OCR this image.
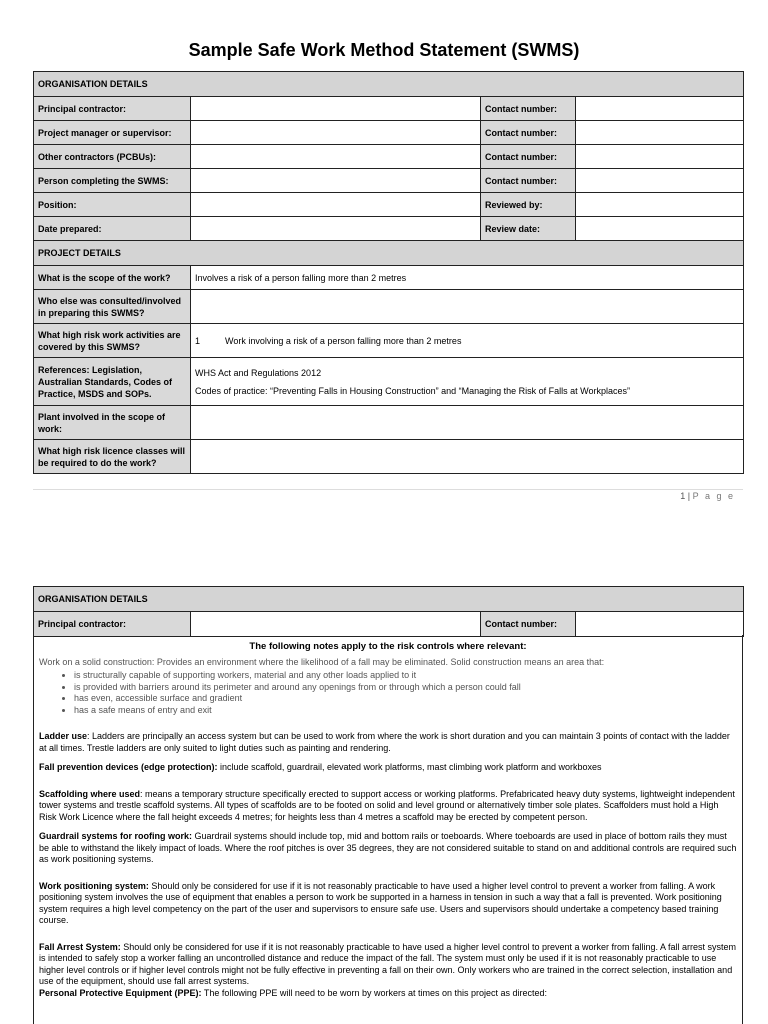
Sample Safe Work Method Statement (SWMS)
ORGANISATION DETAILS			
Principal contractor:		Contact number:	
Project manager or supervisor:		Contact number:	
Other contractors (PCBUs):		Contact number:	
Person completing the SWMS:		Contact number:	
Position:		Reviewed by:	
Date prepared:		Review date:	
PROJECT DETAILS			
What is the scope of the work?	Involves a risk of a person falling more than 2 metres		
Who else was consulted/involved in preparing this SWMS?			
What high risk work activities are covered by this SWMS?	1 Work involving a risk of a person falling more than 2 metres		
References: Legislation, Australian Standards, Codes of Practice, MSDS and SOPs.	WHS Act and Regulations 2012
Codes of practice: “Preventing Falls in Housing Construction” and “Managing the Risk of Falls at Workplaces”		

Plant involved in the scope of work:			
What high risk licence classes will be required to do the work?			
1 | P a g e
ORGANISATION DETAILS
Principal contractor:		Contact number:	
The following notes apply to the risk controls where relevant:

Work on a solid construction: Provides an environment where the likelihood of a fall may be eliminated. Solid construction means an area that:

• is structurally capable of supporting workers, material and any other loads applied to it
• is provided with barriers around its perimeter and around any openings from or through which a person could fall
• has even, accessible surface and gradient
• has a safe means of entry and exit

Ladder use: Ladders are principally an access system but can be used to work from where the work is short duration and you can maintain 3 points of contact with the ladder at all times. Trestle ladders are only suited to light duties such as painting and rendering.

Fall prevention devices (edge protection): include scaffold, guardrail, elevated work platforms, mast climbing work platform and workboxes

Scaffolding where used: means a temporary structure specifically erected to support access or working platforms. Prefabricated heavy duty systems, lightweight independent tower systems and trestle scaffold systems. All types of scaffolds are to be footed on solid and level ground or alternatively timber sole plates. Scaffolders must hold a High Risk Work Licence where the fall height exceeds 4 metres; for heights less than 4 metres a scaffold may be erected by competent person.

Guardrail systems for roofing work: Guardrail systems should include top, mid and bottom rails or toeboards. Where toeboards are used in place of bottom rails they must be able to withstand the likely impact of loads. Where the roof pitches is over 35 degrees, they are not considered suitable to stand on and additional controls are required such as work positioning systems.

Work positioning system: Should only be considered for use if it is not reasonably practicable to have used a higher level control to prevent a worker from falling. A work positioning system involves the use of equipment that enables a person to work be supported in a harness in tension in such a way that a fall is prevented. Work positioning system requires a high level competency on the part of the user and supervisors to ensure safe use. Users and supervisors should undertake a competency based training course.

Fall Arrest System: Should only be considered for use if it is not reasonably practicable to have used a higher level control to prevent a worker from falling. A fall arrest system is intended to safely stop a worker falling an uncontrolled distance and reduce the impact of the fall. The system must only be used if it is not reasonably practicable to use higher level controls or if higher level controls might not be fully effective in preventing a fall on their own. Only workers who are trained in the correct selection, installation and use of the equipment, should use fall arrest systems.

Personal Protective Equipment (PPE): The following PPE will need to be worn by workers at times on this project as directed:
